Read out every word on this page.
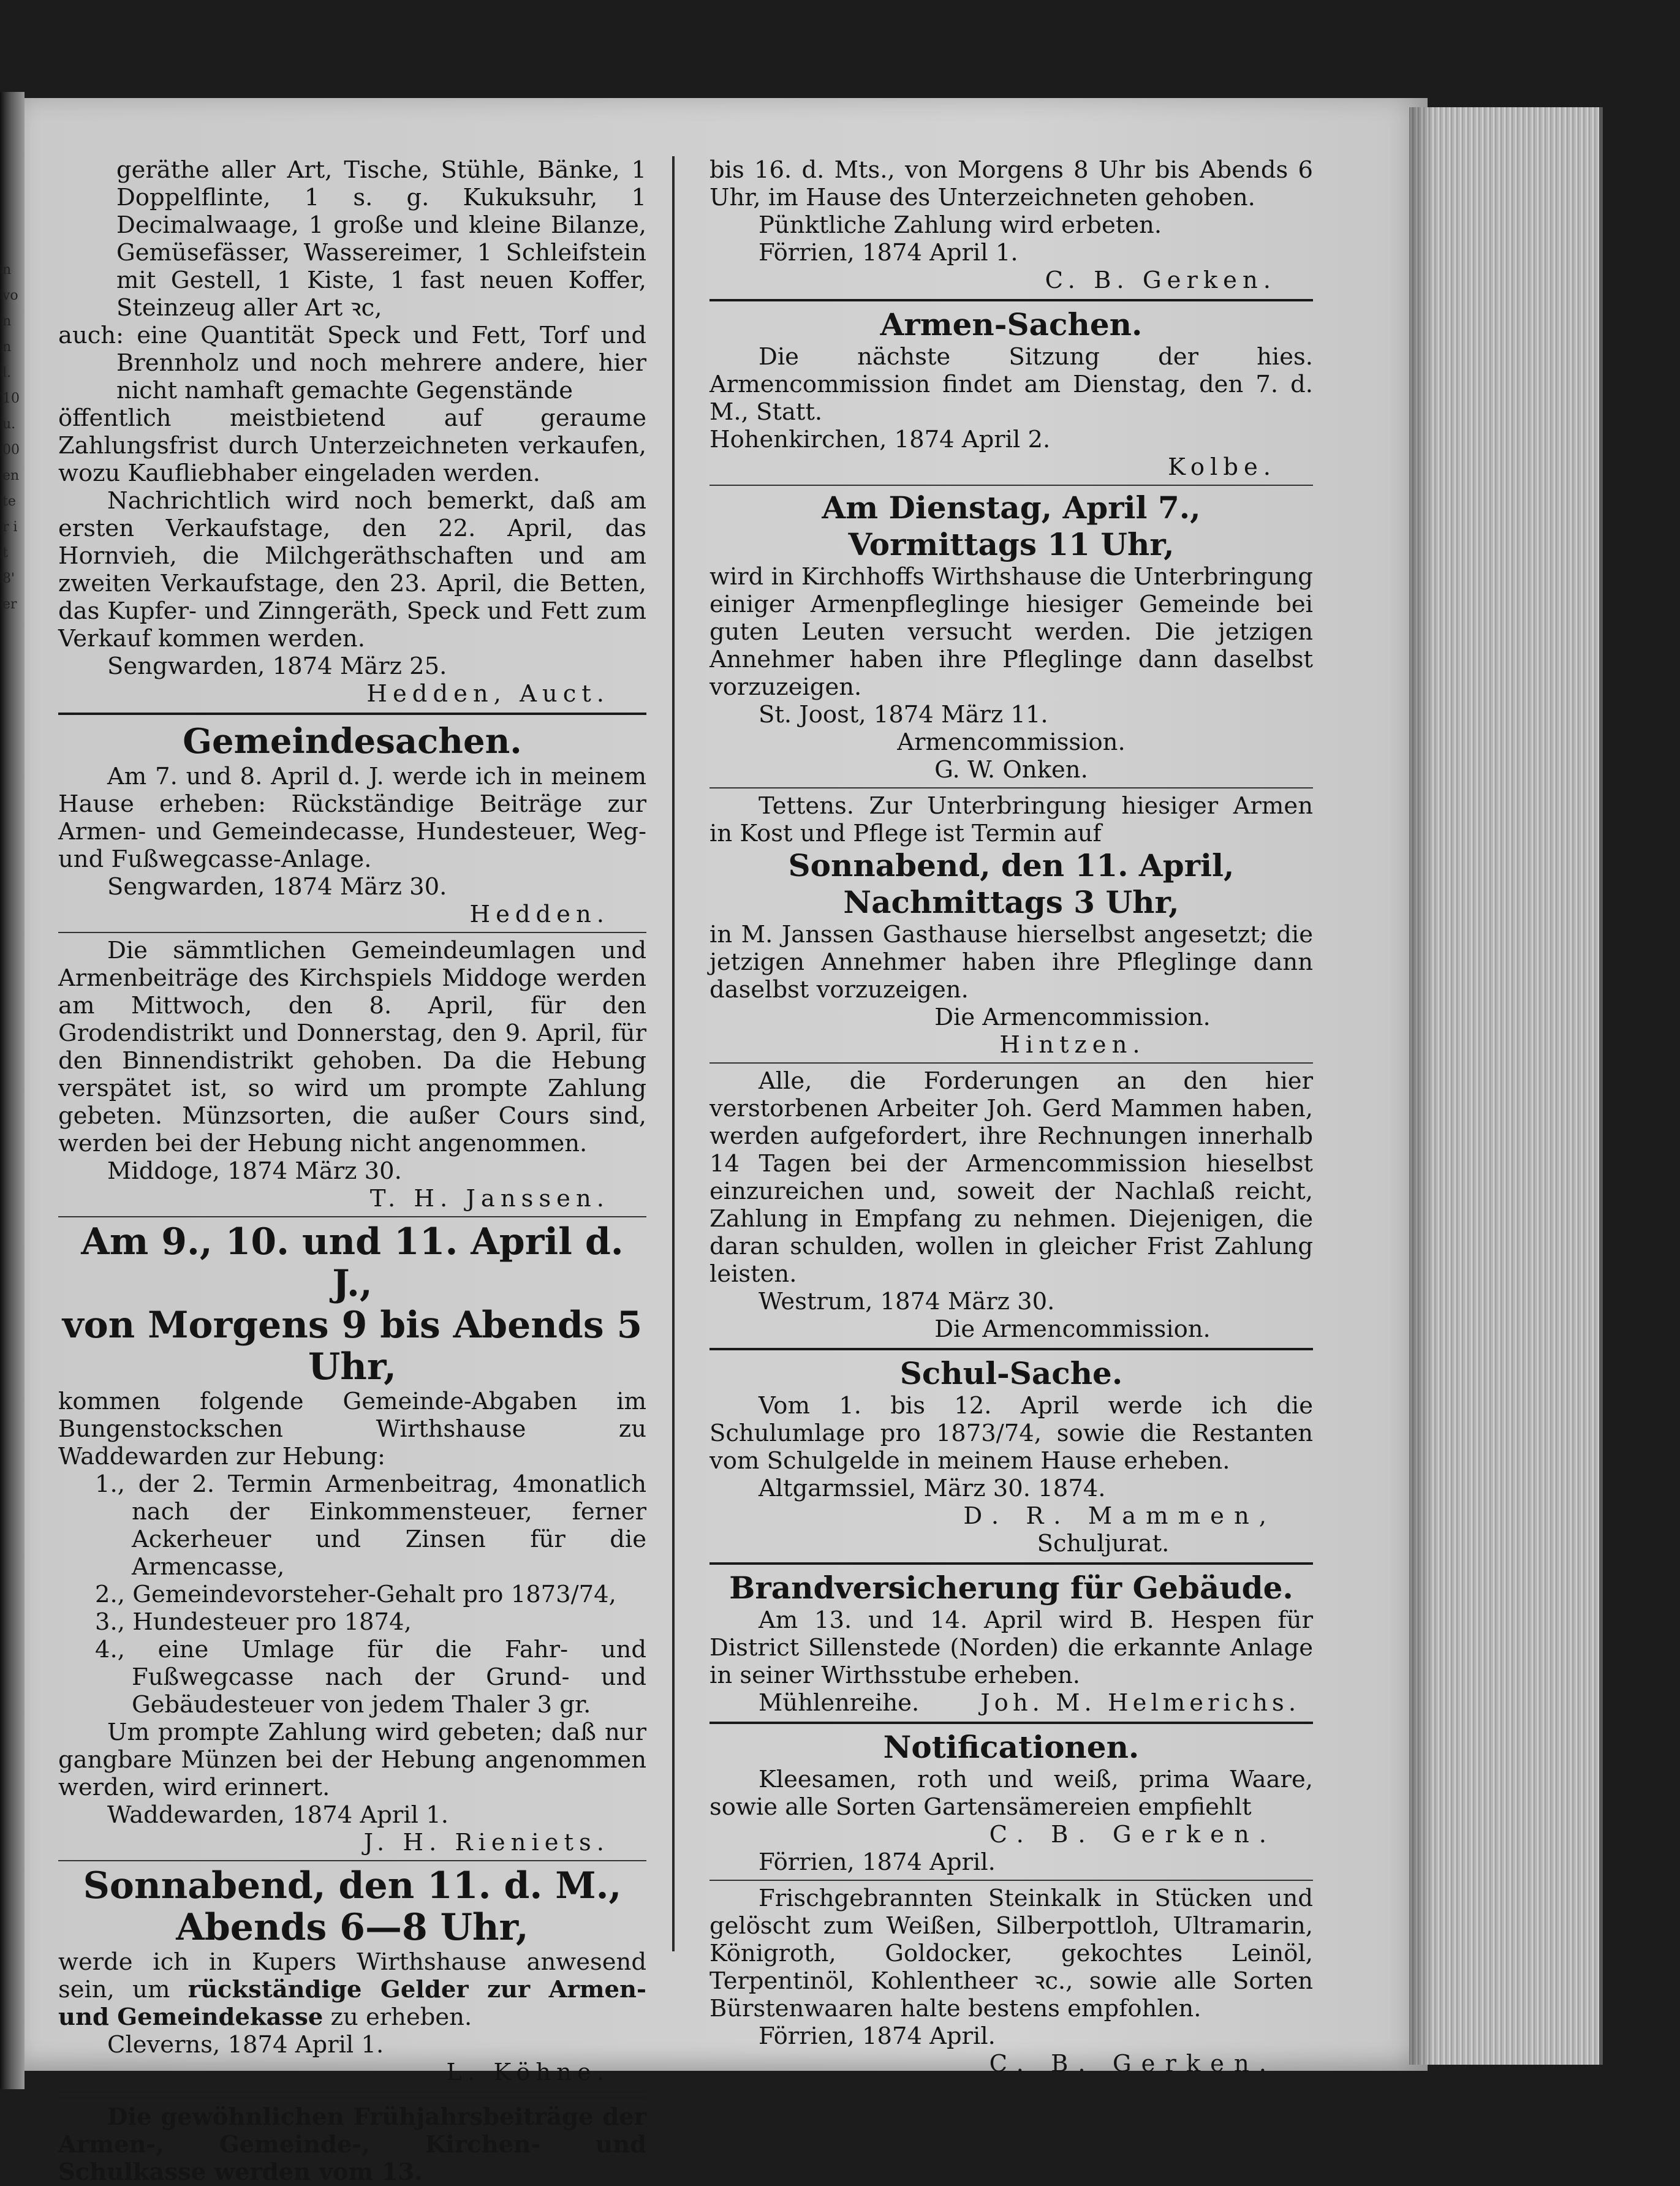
n von nl. 10 u. 00 en ter it 8' er

geräthe aller Art, Tische, Stühle, Bänke, 1 Doppelflinte, 1 s. g. Kukuksuhr, 1 Decimalwaage, 1 große und kleine Bilanze, Gemüsefässer, Wassereimer, 1 Schleifstein mit Gestell, 1 Kiste, 1 fast neuen Koffer, Steinzeug aller Art ꝛc,

auch: eine Quantität Speck und Fett, Torf und Brennholz und noch mehrere andere, hier nicht namhaft gemachte Gegenstände

öffentlich meistbietend auf geraume Zahlungsfrist durch Unterzeichneten verkaufen, wozu Kaufliebhaber eingeladen werden.

Nachrichtlich wird noch bemerkt, daß am ersten Verkaufstage, den 22. April, das Hornvieh, die Milchgeräthschaften und am zweiten Verkaufstage, den 23. April, die Betten, das Kupfer- und Zinngeräth, Speck und Fett zum Verkauf kommen werden.

Sengwarden, 1874 März 25.

Hedden, Auct.

Gemeindesachen.

Am 7. und 8. April d. J. werde ich in meinem Hause erheben: Rückständige Beiträge zur Armen- und Gemeindecasse, Hundesteuer, Weg- und Fußwegcasse-Anlage.

Sengwarden, 1874 März 30.

Hedden.

Die sämmtlichen Gemeindeumlagen und Armenbeiträge des Kirchspiels Middoge werden am Mittwoch, den 8. April, für den Grodendistrikt und Donnerstag, den 9. April, für den Binnendistrikt gehoben. Da die Hebung verspätet ist, so wird um prompte Zahlung gebeten. Münzsorten, die außer Cours sind, werden bei der Hebung nicht angenommen.

Middoge, 1874 März 30.

T. H. Janssen.

Am 9., 10. und 11. April d. J.,

von Morgens 9 bis Abends 5 Uhr,

kommen folgende Gemeinde-Abgaben im Bungenstockschen Wirthshause zu Waddewarden zur Hebung:

1., der 2. Termin Armenbeitrag, 4monatlich nach der Einkommensteuer, ferner Ackerheuer und Zinsen für die Armencasse,

2., Gemeindevorsteher-Gehalt pro 1873/74,

3., Hundesteuer pro 1874,

4., eine Umlage für die Fahr- und Fußwegcasse nach der Grund- und Gebäudesteuer von jedem Thaler 3 gr.

Um prompte Zahlung wird gebeten; daß nur gangbare Münzen bei der Hebung angenommen werden, wird erinnert.

Waddewarden, 1874 April 1.

J. H. Rieniets.

Sonnabend, den 11. d. M.,

Abends 6—8 Uhr,

werde ich in Kupers Wirthshause anwesend sein, um rückständige Gelder zur Armen- und Gemeindekasse zu erheben.

Cleverns, 1874 April 1.

L. Köhne.

Die gewöhnlichen Frühjahrsbeiträge der Armen-, Gemeinde-, Kirchen- und Schulkasse werden vom 13.

bis 16. d. Mts., von Morgens 8 Uhr bis Abends 6 Uhr, im Hause des Unterzeichneten gehoben.

Pünktliche Zahlung wird erbeten.

Förrien, 1874 April 1.

C. B. Gerken.

Armen-Sachen.

Die nächste Sitzung der hies. Armencommission findet am Dienstag, den 7. d. M., Statt.

Hohenkirchen, 1874 April 2.

Kolbe.

Am Dienstag, April 7.,

Vormittags 11 Uhr,

wird in Kirchhoffs Wirthshause die Unterbringung einiger Armenpfleglinge hiesiger Gemeinde bei guten Leuten versucht werden. Die jetzigen Annehmer haben ihre Pfleglinge dann daselbst vorzuzeigen.

St. Joost, 1874 März 11.

Armencommission.

G. W. Onken.

Tettens. Zur Unterbringung hiesiger Armen in Kost und Pflege ist Termin auf

Sonnabend, den 11. April,

Nachmittags 3 Uhr,

in M. Janssen Gasthause hierselbst angesetzt; die jetzigen Annehmer haben ihre Pfleglinge dann daselbst vorzuzeigen.

Die Armencommission.

Hintzen.

Alle, die Forderungen an den hier verstorbenen Arbeiter Joh. Gerd Mammen haben, werden aufgefordert, ihre Rechnungen innerhalb 14 Tagen bei der Armencommission hieselbst einzureichen und, soweit der Nachlaß reicht, Zahlung in Empfang zu nehmen. Diejenigen, die daran schulden, wollen in gleicher Frist Zahlung leisten.

Westrum, 1874 März 30.

Die Armencommission.

Schul-Sache.

Vom 1. bis 12. April werde ich die Schulumlage pro 1873/74, sowie die Restanten vom Schulgelde in meinem Hause erheben.

Altgarmssiel, März 30. 1874.

D. R. Mammen,

Schuljurat.

Brandversicherung für Gebäude.

Am 13. und 14. April wird B. Hespen für District Sillenstede (Norden) die erkannte Anlage in seiner Wirthsstube erheben.

Mühlenreihe.	Joh. M. Helmerichs.

Notificationen.

Kleesamen, roth und weiß, prima Waare, sowie alle Sorten Gartensämereien empfiehlt

C. B. Gerken.

Förrien, 1874 April.

Frischgebrannten Steinkalk in Stücken und gelöscht zum Weißen, Silberpottloh, Ultramarin, Königroth, Goldocker, gekochtes Leinöl, Terpentinöl, Kohlentheer ꝛc., sowie alle Sorten Bürstenwaaren halte bestens empfohlen.

Förrien, 1874 April.

C. B. Gerken.
